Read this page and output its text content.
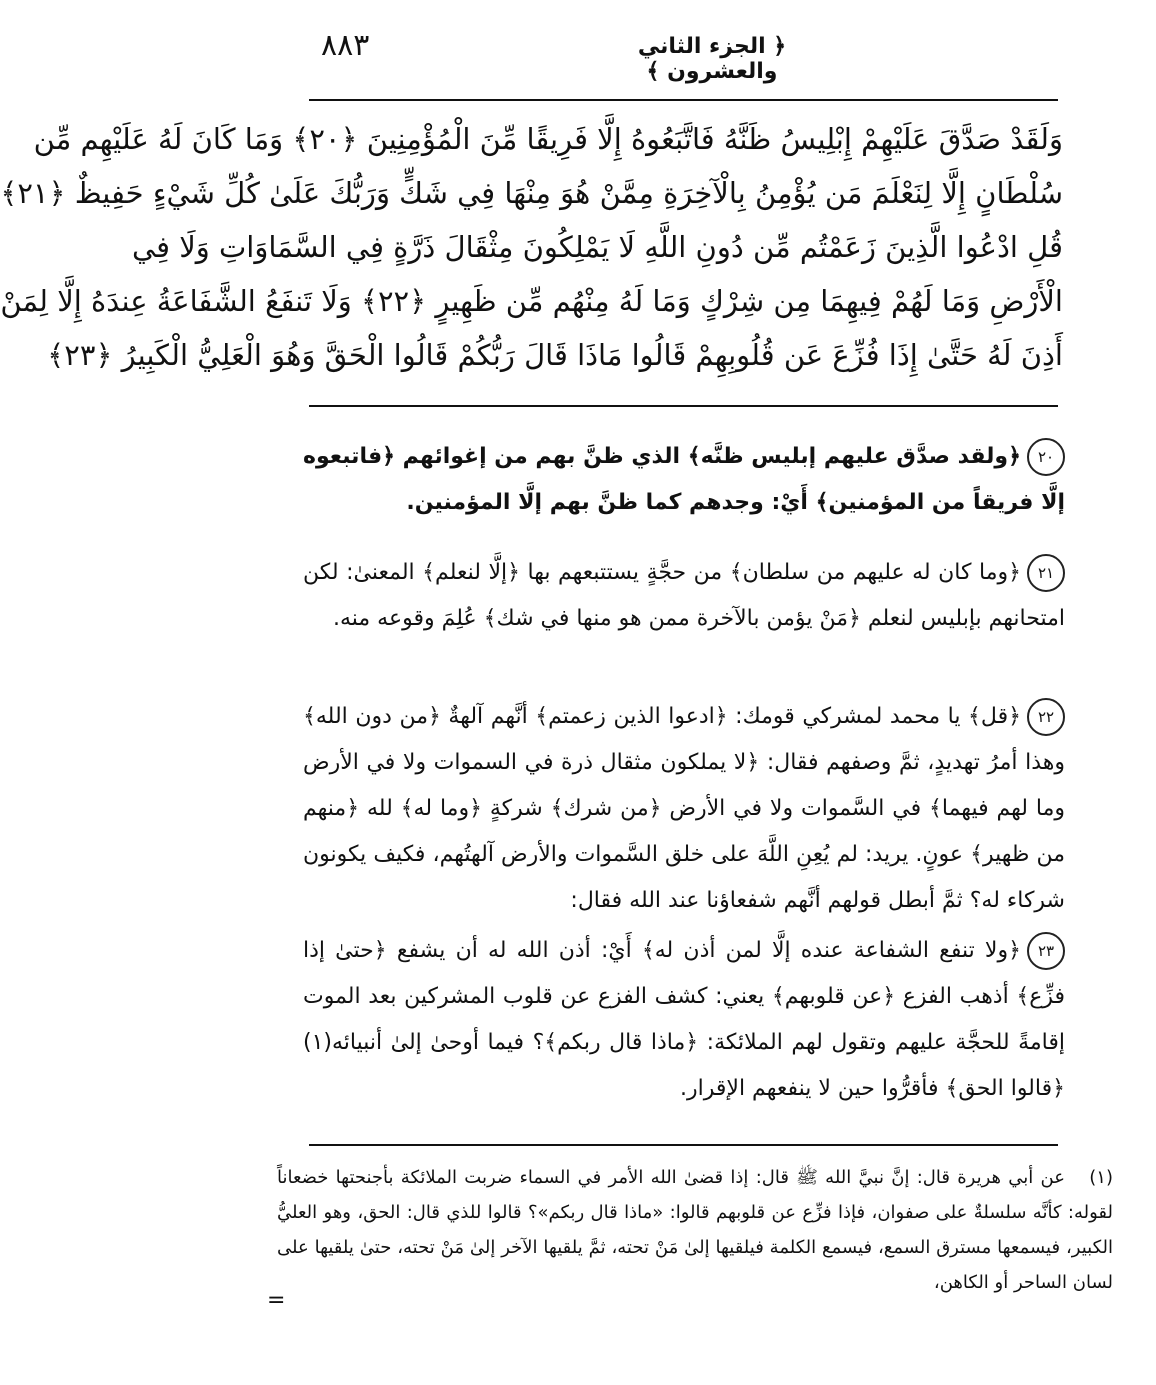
٨٨٣	﴿ الجزء الثاني والعشرون ﴾
وَلَقَدْ صَدَّقَ عَلَيْهِمْ إِبْلِيسُ ظَنَّهُ فَاتَّبَعُوهُ إِلَّا فَرِيقًا مِّنَ الْمُؤْمِنِينَ ﴿٢٠﴾ وَمَا كَانَ لَهُ عَلَيْهِم مِّن
سُلْطَانٍ إِلَّا لِنَعْلَمَ مَن يُؤْمِنُ بِالْآخِرَةِ مِمَّنْ هُوَ مِنْهَا فِي شَكٍّ وَرَبُّكَ عَلَىٰ كُلِّ شَيْءٍ حَفِيظٌ ﴿٢١﴾
قُلِ ادْعُوا الَّذِينَ زَعَمْتُم مِّن دُونِ اللَّهِ لَا يَمْلِكُونَ مِثْقَالَ ذَرَّةٍ فِي السَّمَاوَاتِ وَلَا فِي
الْأَرْضِ وَمَا لَهُمْ فِيهِمَا مِن شِرْكٍ وَمَا لَهُ مِنْهُم مِّن ظَهِيرٍ ﴿٢٢﴾ وَلَا تَنفَعُ الشَّفَاعَةُ عِندَهُ إِلَّا لِمَنْ
أَذِنَ لَهُ حَتَّىٰ إِذَا فُزِّعَ عَن قُلُوبِهِمْ قَالُوا مَاذَا قَالَ رَبُّكُمْ قَالُوا الْحَقَّ وَهُوَ الْعَلِيُّ الْكَبِيرُ ﴿٢٣﴾
٢٠﴿ولقد صدَّق عليهم إبليس ظنَّه﴾ الذي ظنَّ بهم من إغوائهم ﴿فاتبعوه إلَّا فريقاً من المؤمنين﴾ أَيْ: وجدهم كما ظنَّ بهم إلَّا المؤمنين.
٢١﴿وما كان له عليهم من سلطان﴾ من حجَّةٍ يستتبعهم بها ﴿إلَّا لنعلم﴾ المعنىٰ: لكن امتحانهم بإبليس لنعلم ﴿مَنْ يؤمن بالآخرة ممن هو منها في شك﴾ عُلِمَ وقوعه منه.
٢٢﴿قل﴾ يا محمد لمشركي قومك: ﴿ادعوا الذين زعمتم﴾ أنَّهم آلهةٌ ﴿من دون الله﴾ وهذا أمرُ تهديدٍ، ثمَّ وصفهم فقال: ﴿لا يملكون مثقال ذرة في السموات ولا في الأرض وما لهم فيهما﴾ في السَّموات ولا في الأرض ﴿من شرك﴾ شركةٍ ﴿وما له﴾ لله ﴿منهم من ظهير﴾ عونٍ. يريد: لم يُعِنِ اللَّهَ على خلق السَّموات والأرض آلهتُهم، فكيف يكونون شركاء له؟ ثمَّ أبطل قولهم أنَّهم شفعاؤنا عند الله فقال:
٢٣﴿ولا تنفع الشفاعة عنده إلَّا لمن أذن له﴾ أَيْ: أذن الله له أن يشفع ﴿حتىٰ إذا فزِّع﴾ أذهب الفزع ﴿عن قلوبهم﴾ يعني: كشف الفزع عن قلوب المشركين بعد الموت إقامةً للحجَّة عليهم وتقول لهم الملائكة: ﴿ماذا قال ربكم﴾؟ فيما أوحىٰ إلىٰ أنبيائه(١) ﴿قالوا الحق﴾ فأقرُّوا حين لا ينفعهم الإقرار.
(١)عن أبي هريرة قال: إنَّ نبيَّ الله ﷺ قال: إذا قضىٰ الله الأمر في السماء ضربت الملائكة بأجنحتها خضعاناً لقوله: كأنَّه سلسلةٌ على صفوان، فإذا فزِّع عن قلوبهم قالوا: «ماذا قال ربكم»؟ قالوا للذي قال: الحق، وهو العليُّ الكبير، فيسمعها مسترق السمع، فيسمع الكلمة فيلقيها إلىٰ مَنْ تحته، ثمَّ يلقيها الآخر إلىٰ مَنْ تحته، حتىٰ يلقيها على لسان الساحر أو الكاهن،
=
